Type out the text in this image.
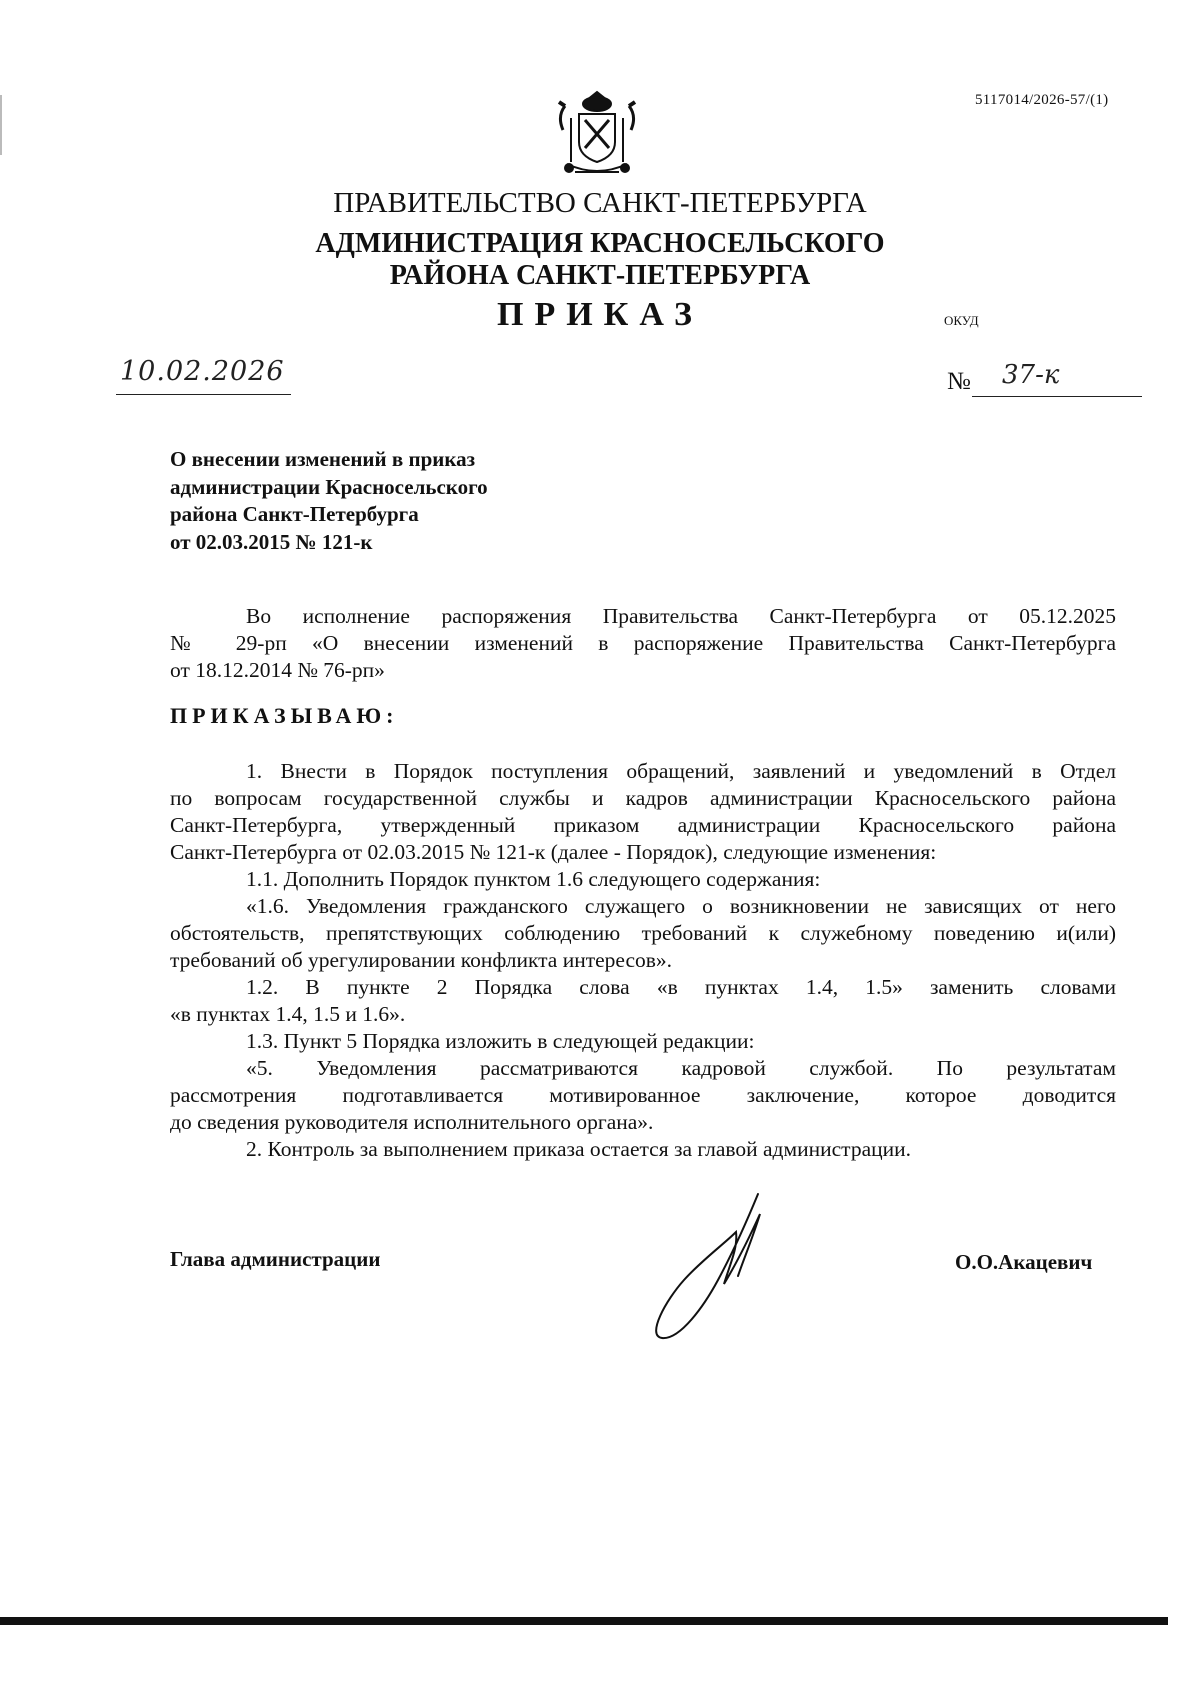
5117014/2026-57/(1)
ПРАВИТЕЛЬСТВО САНКТ-ПЕТЕРБУРГА
АДМИНИСТРАЦИЯ КРАСНОСЕЛЬСКОГО
РАЙОНА САНКТ-ПЕТЕРБУРГА
ПРИКАЗ	ОКУД
10.02.2026	№ 37-к
О внесении изменений в приказ
администрации Красносельского
района Санкт-Петербурга
от 02.03.2015 № 121-к
Во исполнение распоряжения Правительства Санкт-Петербурга от 05.12.2025
№ 29-рп «О внесении изменений в распоряжение Правительства Санкт-Петербурга
от 18.12.2014 № 76-рп»
ПРИКАЗЫВАЮ:
1. Внести в Порядок поступления обращений, заявлений и уведомлений в Отдел
по вопросам государственной службы и кадров администрации Красносельского района
Санкт-Петербурга, утвержденный приказом администрации Красносельского района
Санкт-Петербурга от 02.03.2015 № 121-к (далее - Порядок), следующие изменения:
1.1. Дополнить Порядок пунктом 1.6 следующего содержания:
«1.6. Уведомления гражданского служащего о возникновении не зависящих от него
обстоятельств, препятствующих соблюдению требований к служебному поведению и(или)
требований об урегулировании конфликта интересов».
1.2. В пункте 2 Порядка слова «в пунктах 1.4, 1.5» заменить словами
«в пунктах 1.4, 1.5 и 1.6».
1.3. Пункт 5 Порядка изложить в следующей редакции:
«5. Уведомления рассматриваются кадровой службой. По результатам
рассмотрения подготавливается мотивированное заключение, которое доводится
до сведения руководителя исполнительного органа».
2. Контроль за выполнением приказа остается за главой администрации.
Глава администрации	О.О.Акацевич
